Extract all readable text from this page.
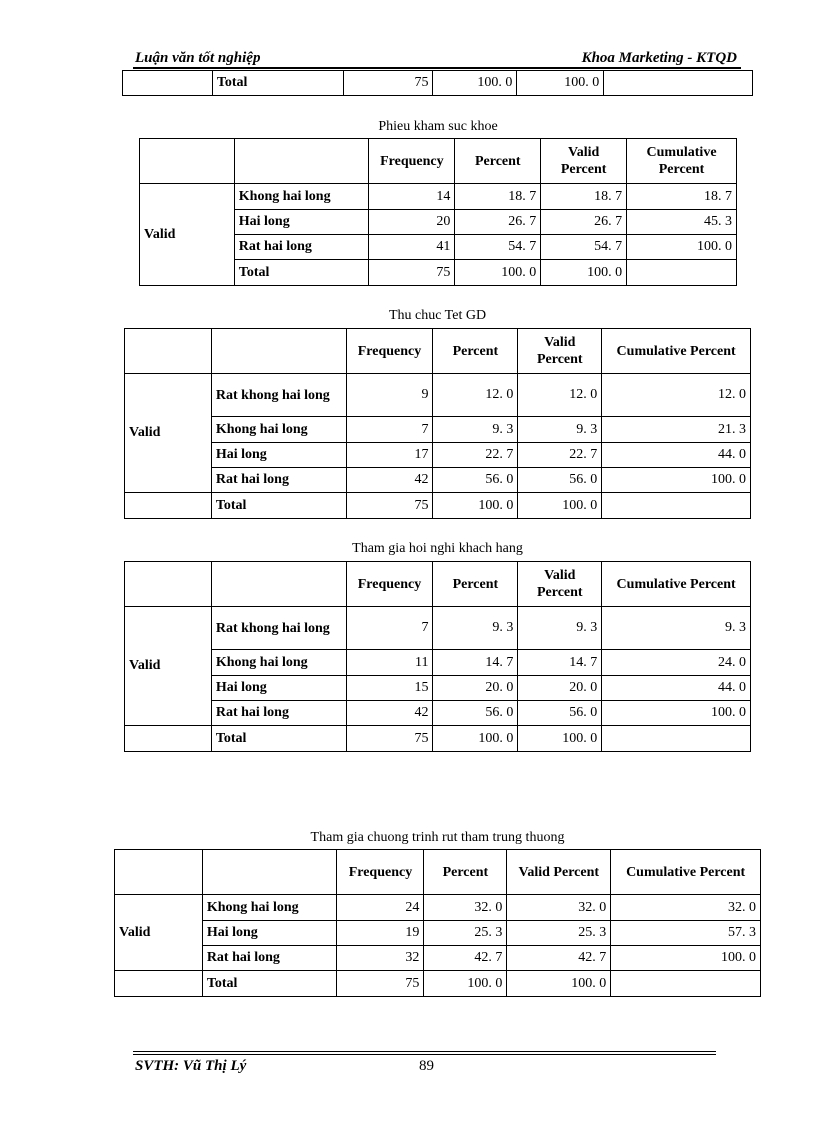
Luận văn tốt nghiệp	Khoa Marketing - KTQD
	Total	75	100. 0	100. 0	
Phieu kham suc khoe
		Frequency	Percent	Valid Percent	Cumulative Percent
Valid	Khong hai long	14	18. 7	18. 7	18. 7
	Hai long	20	26. 7	26. 7	45. 3
	Rat hai long	41	54. 7	54. 7	100. 0
	Total	75	100. 0	100. 0	
Thu chuc Tet GD
		Frequency	Percent	Valid Percent	Cumulative Percent
Valid	Rat khong hai long	9	12. 0	12. 0	12. 0
	Khong hai long	7	9. 3	9. 3	21. 3
	Hai long	17	22. 7	22. 7	44. 0
	Rat hai long	42	56. 0	56. 0	100. 0
	Total	75	100. 0	100. 0	
Tham gia hoi nghi khach hang
		Frequency	Percent	Valid Percent	Cumulative Percent
Valid	Rat khong hai long	7	9. 3	9. 3	9. 3
	Khong hai long	11	14. 7	14. 7	24. 0
	Hai long	15	20. 0	20. 0	44. 0
	Rat hai long	42	56. 0	56. 0	100. 0
	Total	75	100. 0	100. 0	
Tham gia chuong trinh rut tham trung thuong
		Frequency	Percent	Valid Percent	Cumulative Percent
Valid	Khong hai long	24	32. 0	32. 0	32. 0
	Hai long	19	25. 3	25. 3	57. 3
	Rat hai long	32	42. 7	42. 7	100. 0
	Total	75	100. 0	100. 0	
SVTH: Vũ Thị Lý	89
